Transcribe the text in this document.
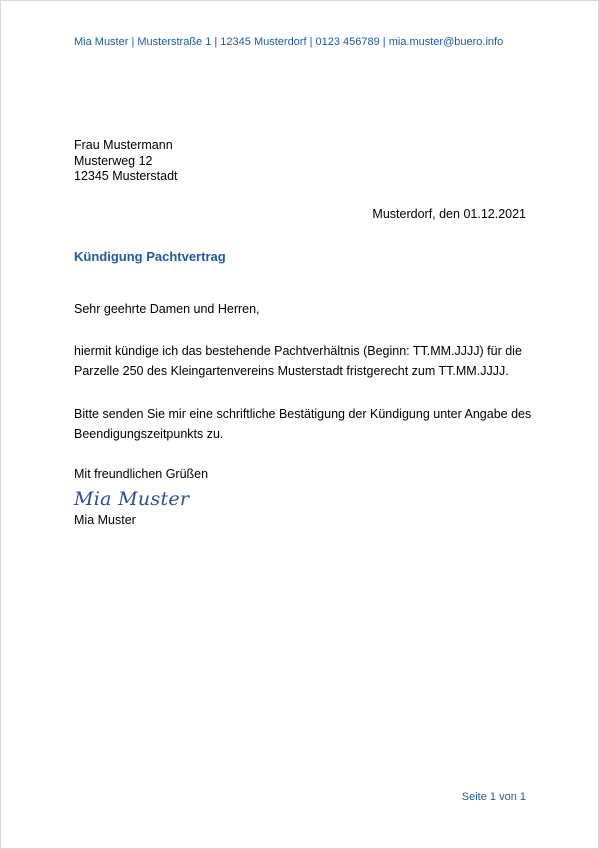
Mia Muster | Musterstraße 1 | 12345 Musterdorf | 0123 456789 | mia.muster@buero.info
Frau Mustermann
Musterweg 12
12345 Musterstadt
Musterdorf, den 01.12.2021
Kündigung Pachtvertrag
Sehr geehrte Damen und Herren,
hiermit kündige ich das bestehende Pachtverhältnis (Beginn: TT.MM.JJJJ) für die
Parzelle 250 des Kleingartenvereins Musterstadt fristgerecht zum TT.MM.JJJJ.
Bitte senden Sie mir eine schriftliche Bestätigung der Kündigung unter Angabe des
Beendigungszeitpunkts zu.
Mit freundlichen Grüßen
Mia Muster
Mia Muster
Seite 1 von 1
